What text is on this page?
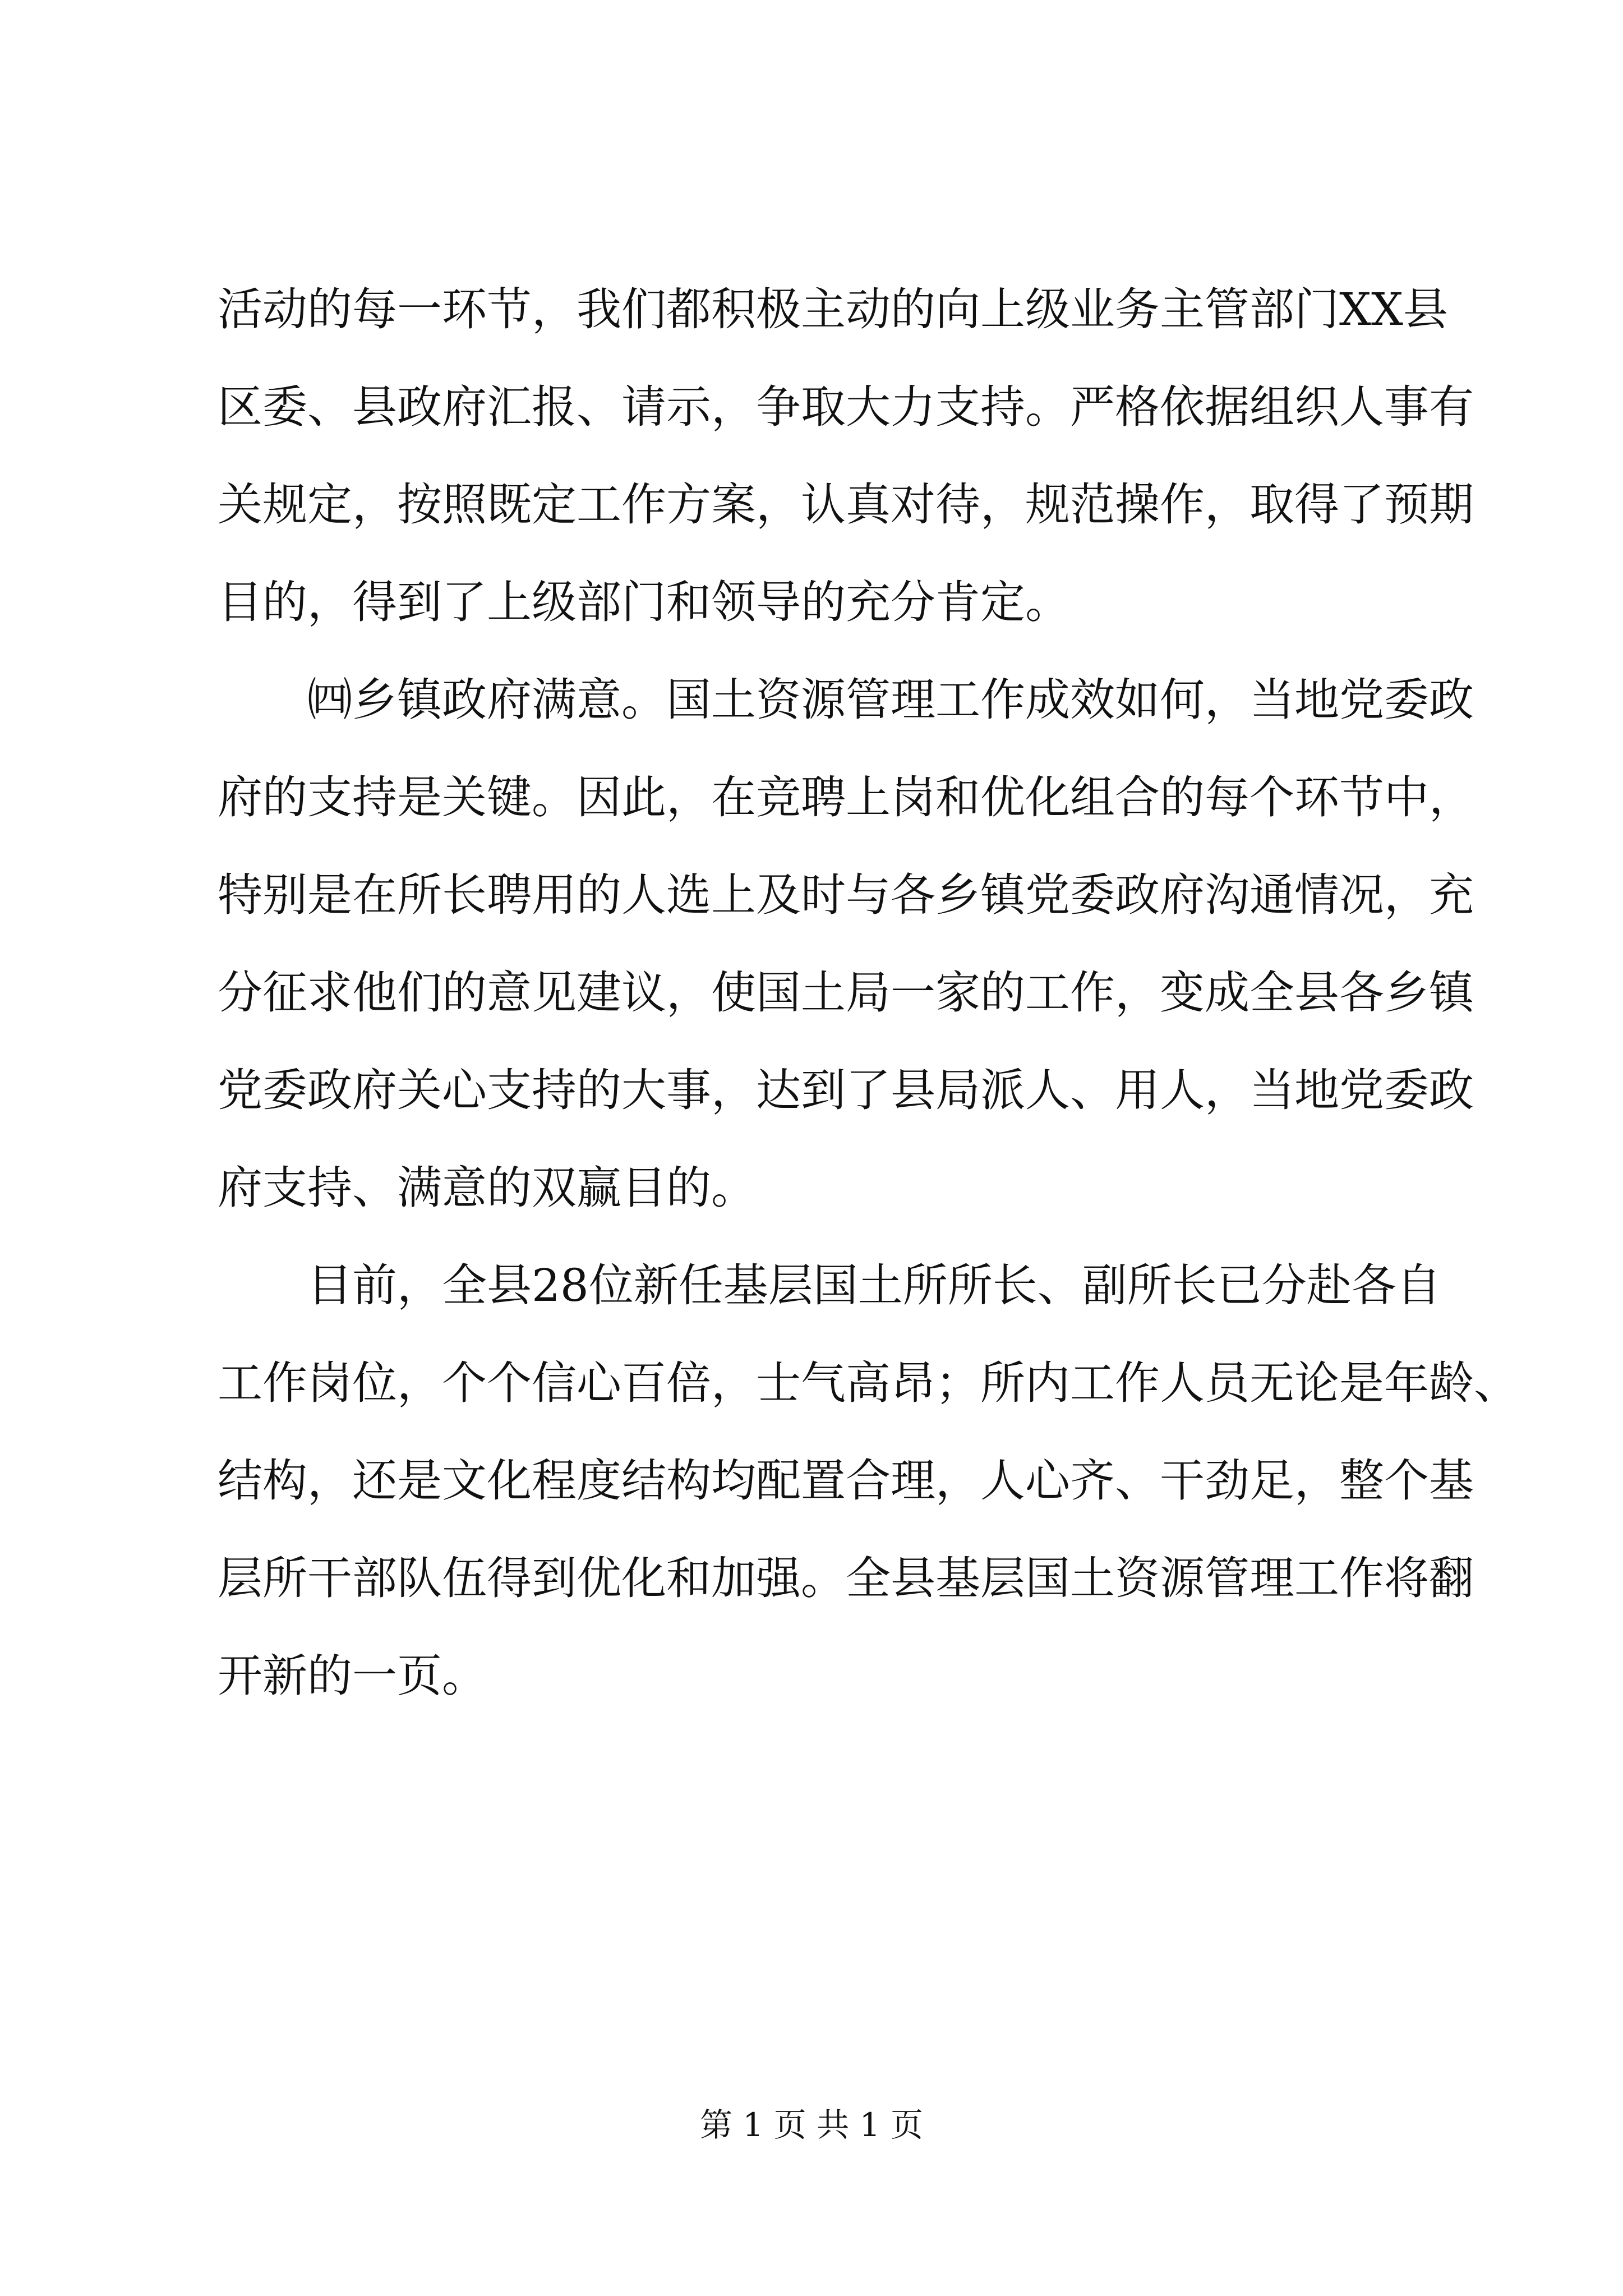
活动的每一环节，我们都积极主动的向上级业务主管部门XX县
区委、县政府汇报、请示，争取大力支持。严格依据组织人事有
关规定，按照既定工作方案，认真对待，规范操作，取得了预期
目的，得到了上级部门和领导的充分肯定。
㈣乡镇政府满意。国土资源管理工作成效如何，当地党委政
府的支持是关键。因此，在竞聘上岗和优化组合的每个环节中，
特别是在所长聘用的人选上及时与各乡镇党委政府沟通情况，充
分征求他们的意见建议，使国土局一家的工作，变成全县各乡镇
党委政府关心支持的大事，达到了县局派人、用人，当地党委政
府支持、满意的双赢目的。
目前，全县28位新任基层国土所所长、副所长已分赴各自
工作岗位，个个信心百倍，士气高昂；所内工作人员无论是年龄、
结构，还是文化程度结构均配置合理，人心齐、干劲足，整个基
层所干部队伍得到优化和加强。全县基层国土资源管理工作将翻
开新的一页。
第 1 页 共 1 页
